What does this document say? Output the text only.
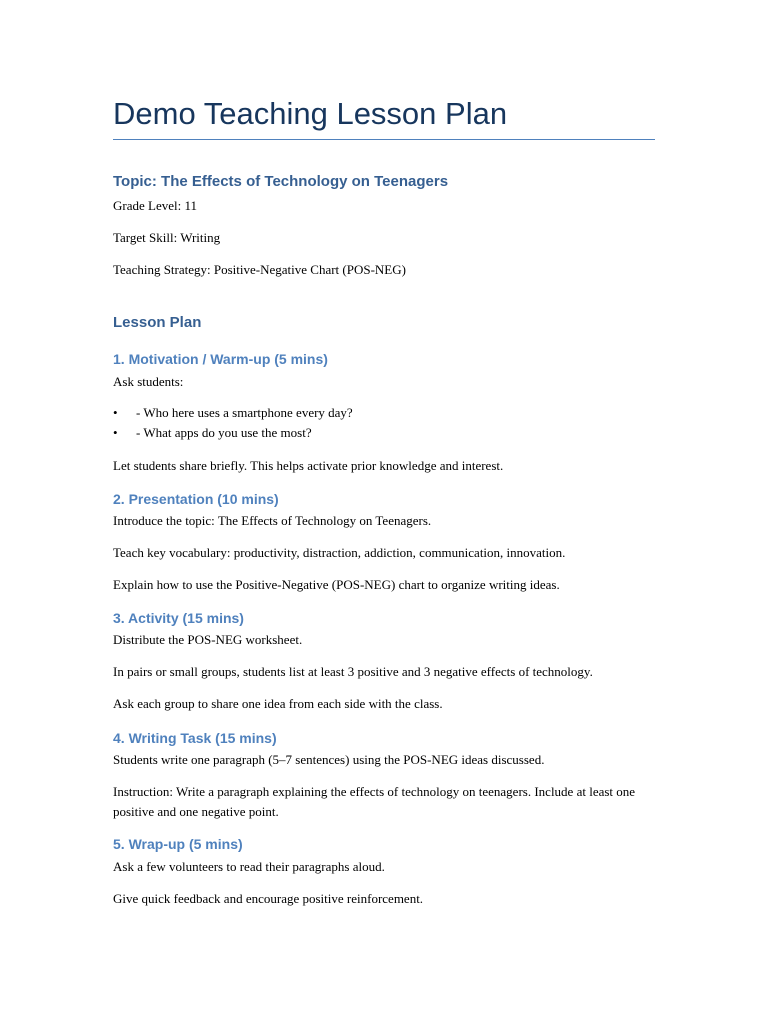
Demo Teaching Lesson Plan
Topic: The Effects of Technology on Teenagers

Grade Level: 11

Target Skill: Writing

Teaching Strategy: Positive-Negative Chart (POS-NEG)

Lesson Plan
1. Motivation / Warm-up (5 mins)

Ask students:

• - Who here uses a smartphone every day?
• - What apps do you use the most?

Let students share briefly. This helps activate prior knowledge and interest.

2. Presentation (10 mins)

Introduce the topic: The Effects of Technology on Teenagers.

Teach key vocabulary: productivity, distraction, addiction, communication, innovation.

Explain how to use the Positive-Negative (POS-NEG) chart to organize writing ideas.

3. Activity (15 mins)

Distribute the POS-NEG worksheet.

In pairs or small groups, students list at least 3 positive and 3 negative effects of technology.

Ask each group to share one idea from each side with the class.

4. Writing Task (15 mins)

Students write one paragraph (5–7 sentences) using the POS-NEG ideas discussed.

Instruction: Write a paragraph explaining the effects of technology on teenagers. Include at least one positive and one negative point.

5. Wrap-up (5 mins)

Ask a few volunteers to read their paragraphs aloud.

Give quick feedback and encourage positive reinforcement.
